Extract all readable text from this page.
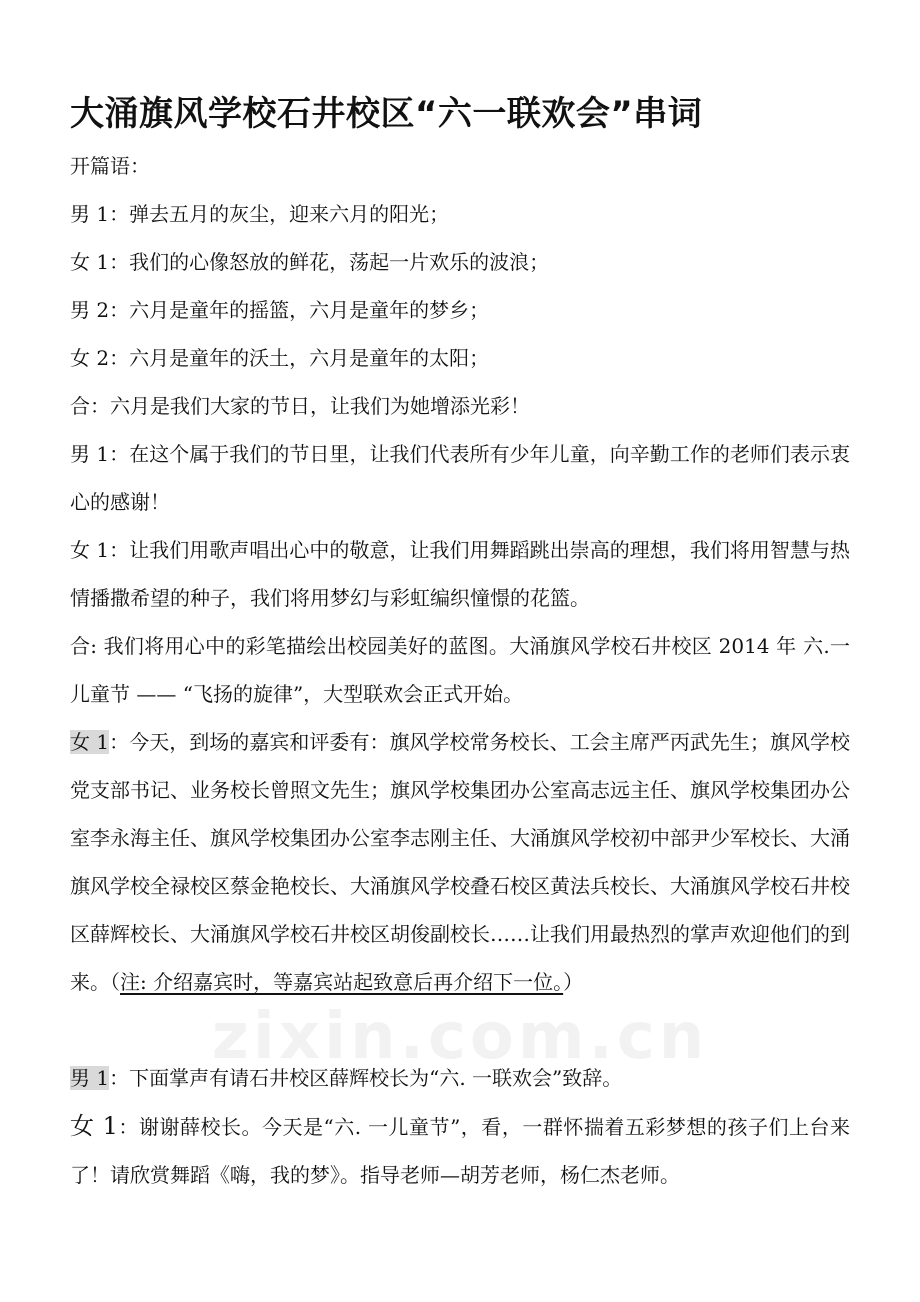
zixin.com.cn
大涌旗风学校石井校区“六一联欢会”串词

开篇语：

男 1：弹去五月的灰尘，迎来六月的阳光；

女 1：我们的心像怒放的鲜花，荡起一片欢乐的波浪；

男 2：六月是童年的摇篮，六月是童年的梦乡；

女 2：六月是童年的沃土，六月是童年的太阳；

合：六月是我们大家的节日，让我们为她增添光彩！

男 1：在这个属于我们的节日里，让我们代表所有少年儿童，向辛勤工作的老师们表示衷心的感谢！

女 1：让我们用歌声唱出心中的敬意，让我们用舞蹈跳出崇高的理想，我们将用智慧与热情播撒希望的种子，我们将用梦幻与彩虹编织憧憬的花篮。

合: 我们将用心中的彩笔描绘出校园美好的蓝图。大涌旗风学校石井校区 2014 年 六.一儿童节 —— “飞扬的旋律”，大型联欢会正式开始。

女 1：今天，到场的嘉宾和评委有：旗风学校常务校长、工会主席严丙武先生；旗风学校党支部书记、业务校长曾照文先生；旗风学校集团办公室高志远主任、旗风学校集团办公室李永海主任、旗风学校集团办公室李志刚主任、大涌旗风学校初中部尹少军校长、大涌旗风学校全禄校区蔡金艳校长、大涌旗风学校叠石校区黄法兵校长、大涌旗风学校石井校区薛辉校长、大涌旗风学校石井校区胡俊副校长……让我们用最热烈的掌声欢迎他们的到来。（注: 介绍嘉宾时，等嘉宾站起致意后再介绍下一位。）

男 1：下面掌声有请石井校区薛辉校长为“六. 一联欢会”致辞。

女 1：谢谢薛校长。今天是“六. 一儿童节”，看，一群怀揣着五彩梦想的孩子们上台来了！请欣赏舞蹈《嗨，我的梦》。指导老师—胡芳老师，杨仁杰老师。
